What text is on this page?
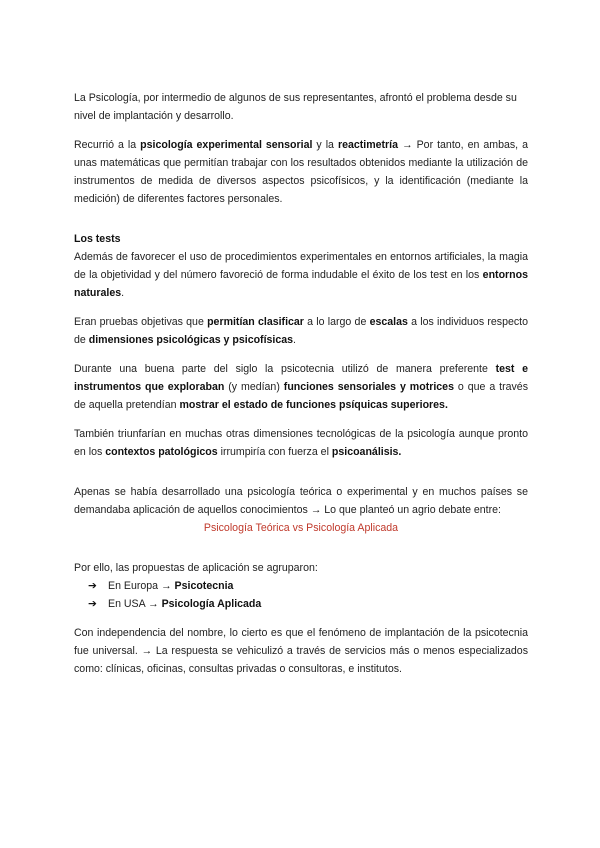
La Psicología, por intermedio de algunos de sus representantes, afrontó el problema desde su nivel de implantación y desarrollo.

Recurrió a la psicología experimental sensorial y la reactimetría → Por tanto, en ambas, a unas matemáticas que permitían trabajar con los resultados obtenidos mediante la utilización de instrumentos de medida de diversos aspectos psicofísicos, y la identificación (mediante la medición) de diferentes factores personales.

Los tests

Además de favorecer el uso de procedimientos experimentales en entornos artificiales, la magia de la objetividad y del número favoreció de forma indudable el éxito de los test en los entornos naturales.

Eran pruebas objetivas que permitían clasificar a lo largo de escalas a los individuos respecto de dimensiones psicológicas y psicofísicas.

Durante una buena parte del siglo la psicotecnia utilizó de manera preferente test e instrumentos que exploraban (y medían) funciones sensoriales y motrices o que a través de aquella pretendían mostrar el estado de funciones psíquicas superiores.

También triunfarían en muchas otras dimensiones tecnológicas de la psicología aunque pronto en los contextos patológicos irrumpiría con fuerza el psicoanálisis.

Apenas se había desarrollado una psicología teórica o experimental y en muchos países se demandaba aplicación de aquellos conocimientos → Lo que planteó un agrio debate entre:

Psicología Teórica vs Psicología Aplicada

Por ello, las propuestas de aplicación se agruparon:

➔	En Europa → Psicotecnia
➔	En USA → Psicología Aplicada

Con independencia del nombre, lo cierto es que el fenómeno de implantación de la psicotecnia fue universal. → La respuesta se vehiculizó a través de servicios más o menos especializados como: clínicas, oficinas, consultas privadas o consultoras, e institutos.
